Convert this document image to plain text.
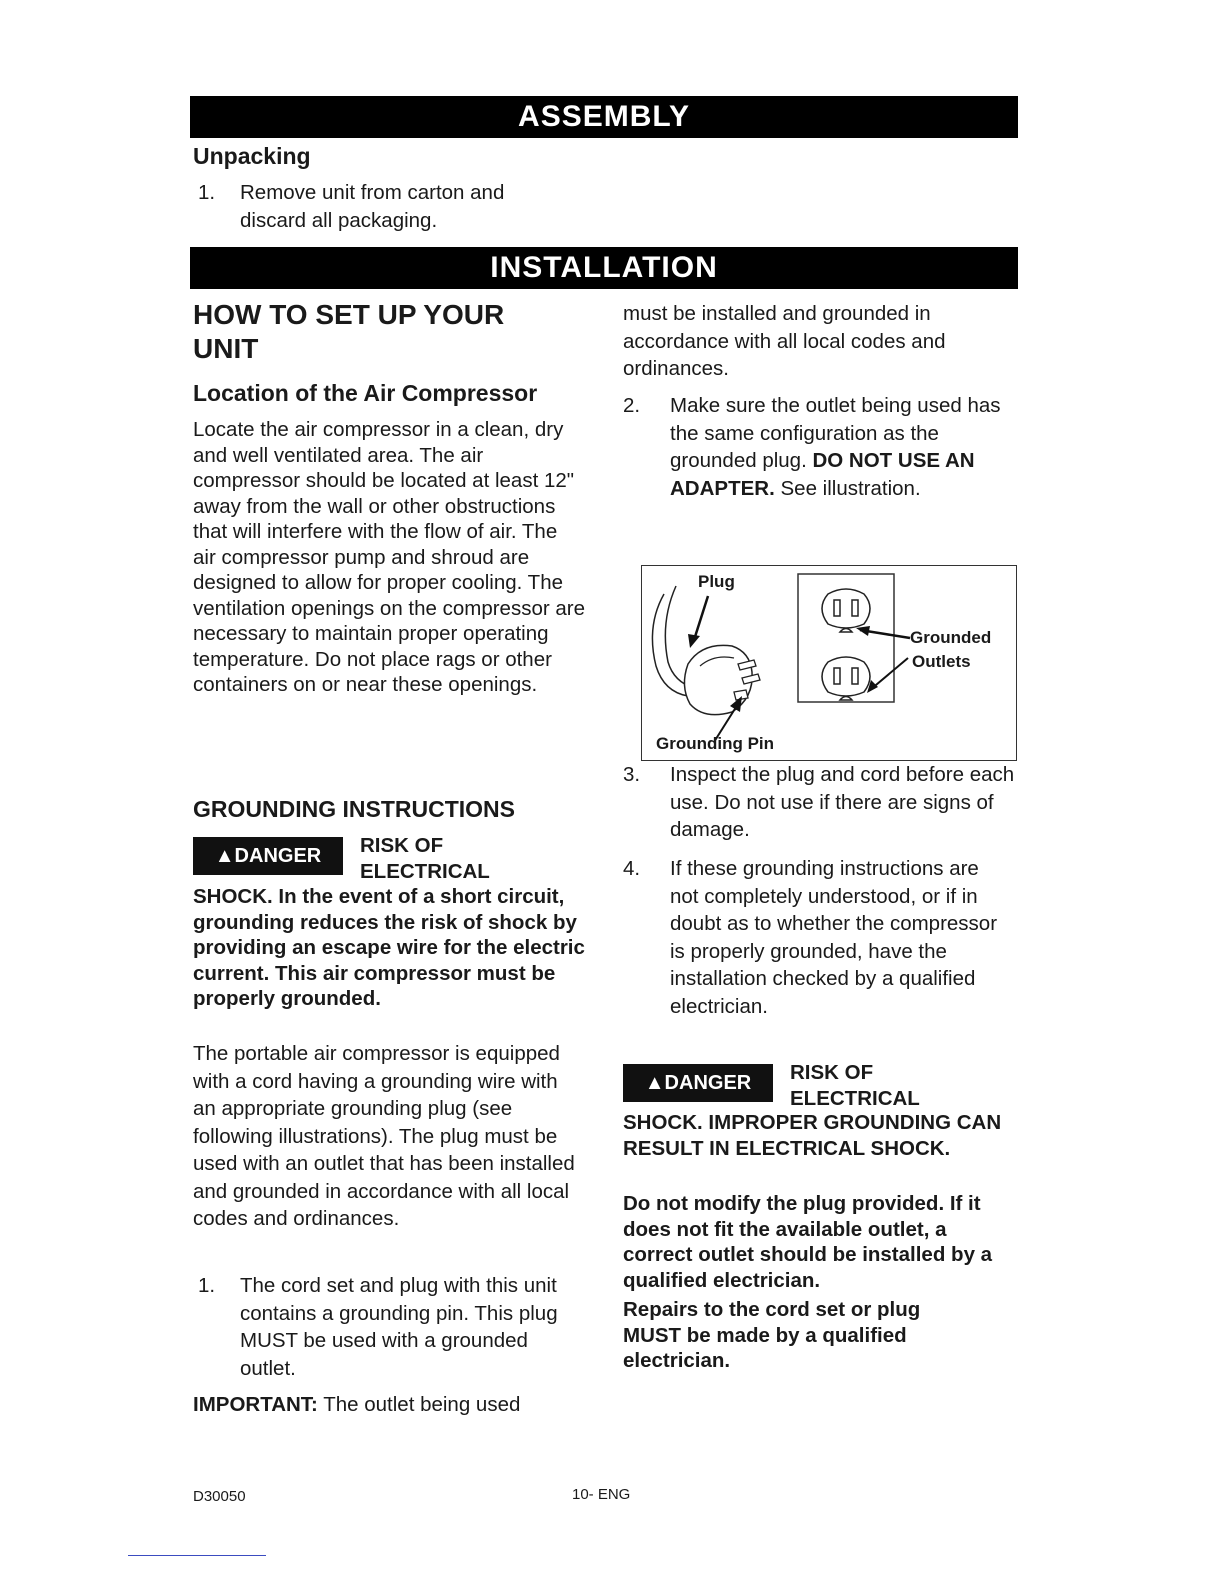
ASSEMBLY
Unpacking
1. Remove unit from carton and discard all packaging.
INSTALLATION
HOW TO SET UP YOUR
UNIT
Location of the Air Compressor
Locate the air compressor in a clean, dry and well ventilated area. The air compressor should be located at least 12" away from the wall or other obstructions that will interfere with the flow of air. The air compressor pump and shroud are designed to allow for proper cooling. The ventilation openings on the compressor are necessary to maintain proper operating temperature. Do not place rags or other containers on or near these openings.
GROUNDING INSTRUCTIONS
▲DANGER	RISK OF
ELECTRICAL
SHOCK. In the event of a short circuit, grounding reduces the risk of shock by providing an escape wire for the electric current. This air compressor must be properly grounded.
The portable air compressor is equipped with a cord having a grounding wire with an appropriate grounding plug (see following illustrations). The plug must be used with an outlet that has been installed and grounded in accordance with all local codes and ordinances.
1. The cord set and plug with this unit contains a grounding pin. This plug MUST be used with a grounded outlet.
IMPORTANT: The outlet being used
must be installed and grounded in accordance with all local codes and ordinances.
2. Make sure the outlet being used has the same configuration as the grounded plug. DO NOT USE AN ADAPTER. See illustration.
Plug
Grounded
Outlets
Grounding Pin
3. Inspect the plug and cord before each use. Do not use if there are signs of damage.
4. If these grounding instructions are not completely understood, or if in doubt as to whether the compressor is properly grounded, have the installation checked by a qualified electrician.
▲DANGER	RISK OF
ELECTRICAL
SHOCK. IMPROPER GROUNDING CAN RESULT IN ELECTRICAL SHOCK.
Do not modify the plug provided. If it does not fit the available outlet, a correct outlet should be installed by a qualified electrician.
Repairs to the cord set or plug MUST be made by a qualified electrician.
D30050	10- ENG
